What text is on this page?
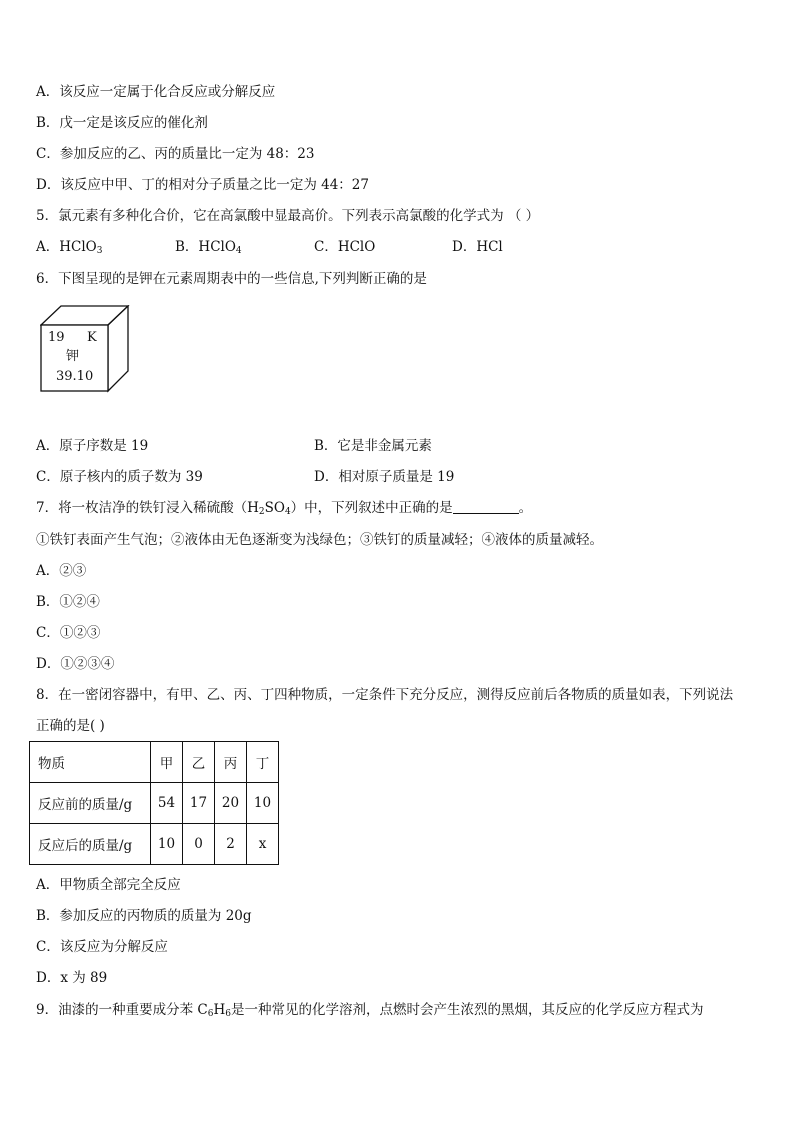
A．该反应一定属于化合反应或分解反应
B．戊一定是该反应的催化剂
C．参加反应的乙、丙的质量比一定为 48：23
D．该反应中甲、丁的相对分子质量之比一定为 44：27
5．氯元素有多种化合价，它在高氯酸中显最高价。下列表示高氯酸的化学式为 （ ）
A．HClO$_3$	B．HClO$_4$	C．HClO	D．HCl
6．下图呈现的是钾在元素周期表中的一些信息,下列判断正确的是
19 K
钾
39.10
A．原子序数是 19	B．它是非金属元素
C．原子核内的质子数为 39	D．相对原子质量是 19
7．将一枚洁净的铁钉浸入稀硫酸$(H_2SO_4)$中，下列叙述中正确的是	。
①铁钉表面产生气泡；②液体由无色逐渐变为浅绿色；③铁钉的质量减轻；④液体的质量减轻。
A．②③
B．①②④
C．①②③
D．①②③④
8．在一密闭容器中，有甲、乙、丙、丁四种物质，一定条件下充分反应，测得反应前后各物质的质量如表，下列说法
正确的是( )
物质	甲	乙	丙	丁
反应前的质量/g	54	17	20	10
反应后的质量/g	10	0	2	x
A．甲物质全部完全反应
B．参加反应的丙物质的质量为 20g
C．该反应为分解反应
D．x 为 89
9．油漆的一种重要成分苯 $C_6H_6$是一种常见的化学溶剂，点燃时会产生浓烈的黑烟，其反应的化学反应方程式为
